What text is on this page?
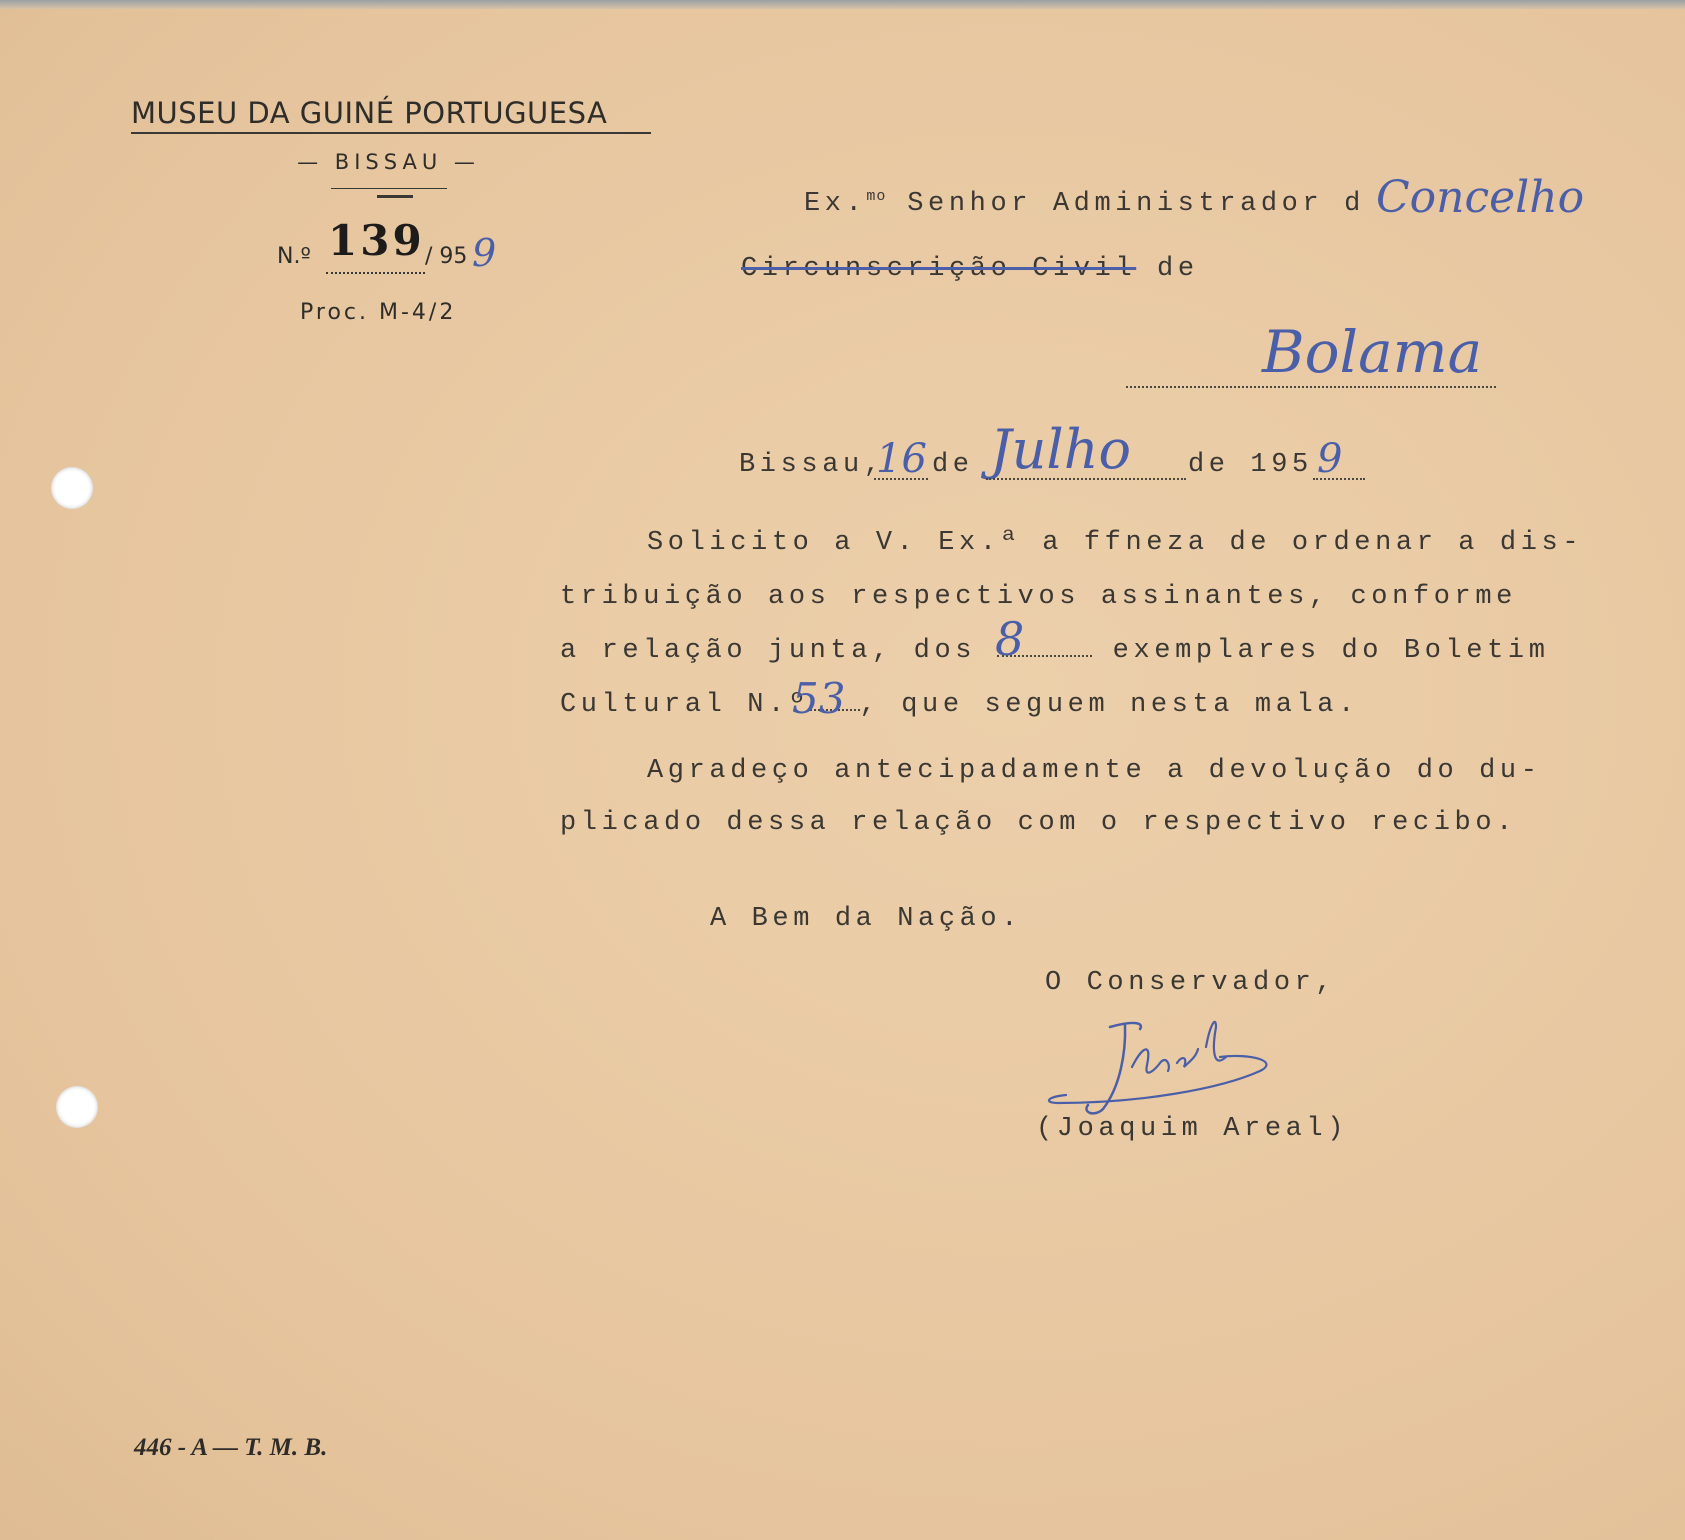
MUSEU DA GUINÉ PORTUGUESA
— BISSAU —
N.º 139 / 95 9
Proc. M-4/2
Ex.$^{mo}$ Senhor Administrador d Concelho
Circunscrição Civil de
Bolama
Bissau,
16 de Julho de 195 9
Solicito a V. Ex.ª a ffneza de ordenar a dis-
tribuição aos respectivos assinantes, conforme
a relação junta, dos	exemplares do Boletim
8
Cultural N.º , que seguem nesta mala.
53
Agradeço antecipadamente a devolução do du-
plicado dessa relação com o respectivo recibo.
A Bem da Nação.
O Conservador,
(Joaquim Areal)
446 - A — T. M. B.
